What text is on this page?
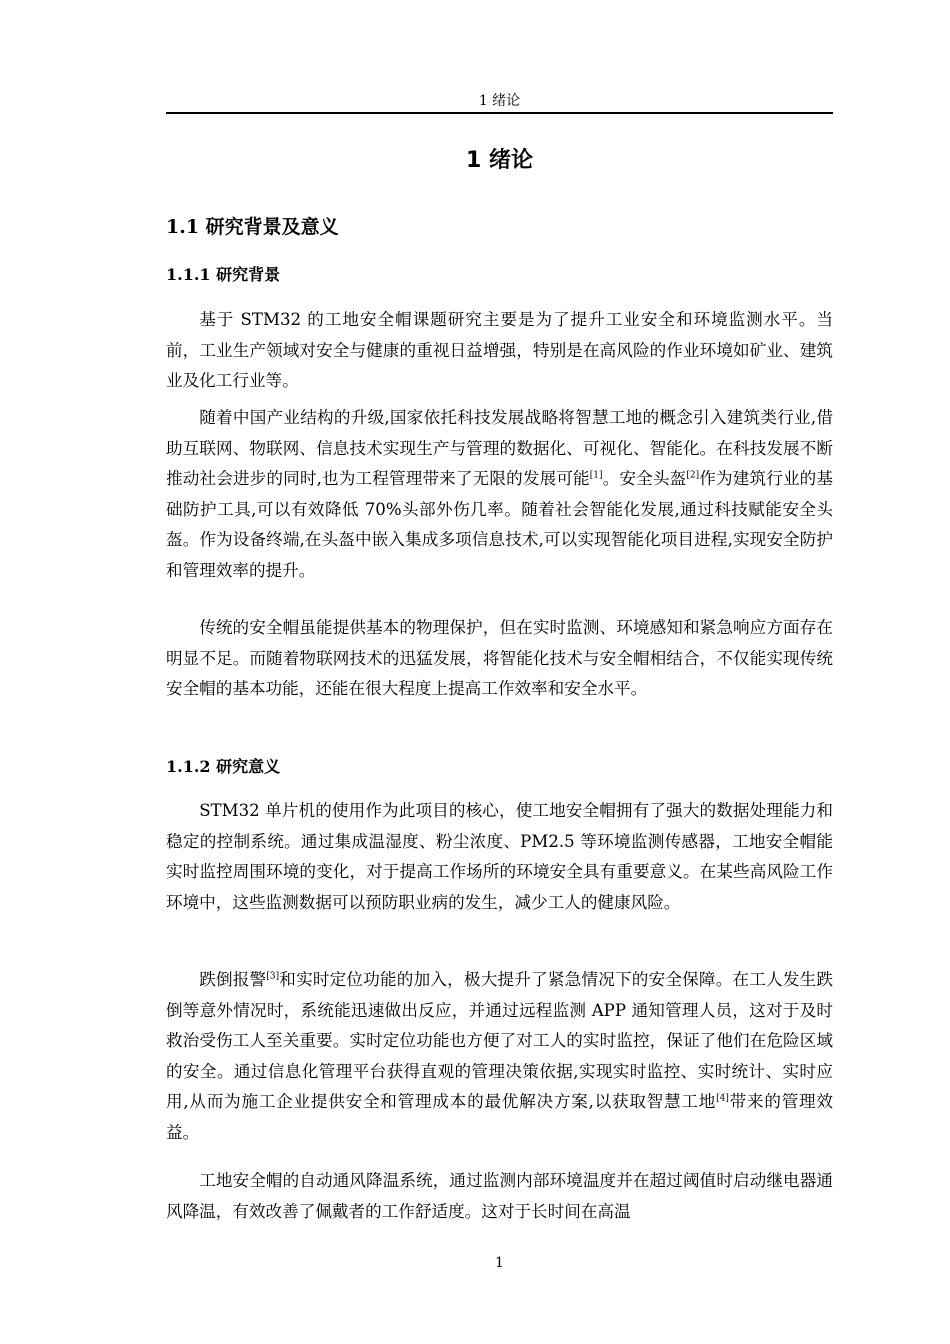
1 绪论
1 绪论
1.1 研究背景及意义
1.1.1 研究背景

基于 STM32 的工地安全帽课题研究主要是为了提升工业安全和环境监测水平。当前，工业生产领域对安全与健康的重视日益增强，特别是在高风险的作业环境如矿业、建筑业及化工行业等。

随着中国产业结构的升级,国家依托科技发展战略将智慧工地的概念引入建筑类行业,借助互联网、物联网、信息技术实现生产与管理的数据化、可视化、智能化。在科技发展不断推动社会进步的同时,也为工程管理带来了无限的发展可能[1]。安全头盔[2]作为建筑行业的基础防护工具,可以有效降低 70%头部外伤几率。随着社会智能化发展,通过科技赋能安全头盔。作为设备终端,在头盔中嵌入集成多项信息技术,可以实现智能化项目进程,实现安全防护和管理效率的提升。

传统的安全帽虽能提供基本的物理保护，但在实时监测、环境感知和紧急响应方面存在明显不足。而随着物联网技术的迅猛发展，将智能化技术与安全帽相结合，不仅能实现传统安全帽的基本功能，还能在很大程度上提高工作效率和安全水平。

1.1.2 研究意义

STM32 单片机的使用作为此项目的核心，使工地安全帽拥有了强大的数据处理能力和稳定的控制系统。通过集成温湿度、粉尘浓度、PM2.5 等环境监测传感器，工地安全帽能实时监控周围环境的变化，对于提高工作场所的环境安全具有重要意义。在某些高风险工作环境中，这些监测数据可以预防职业病的发生，减少工人的健康风险。

跌倒报警[3]和实时定位功能的加入，极大提升了紧急情况下的安全保障。在工人发生跌倒等意外情况时，系统能迅速做出反应，并通过远程监测 APP 通知管理人员，这对于及时救治受伤工人至关重要。实时定位功能也方便了对工人的实时监控，保证了他们在危险区域的安全。通过信息化管理平台获得直观的管理决策依据,实现实时监控、实时统计、实时应用,从而为施工企业提供安全和管理成本的最优解决方案,以获取智慧工地[4]带来的管理效益。

工地安全帽的自动通风降温系统，通过监测内部环境温度并在超过阈值时启动继电器通风降温，有效改善了佩戴者的工作舒适度。这对于长时间在高温

1
